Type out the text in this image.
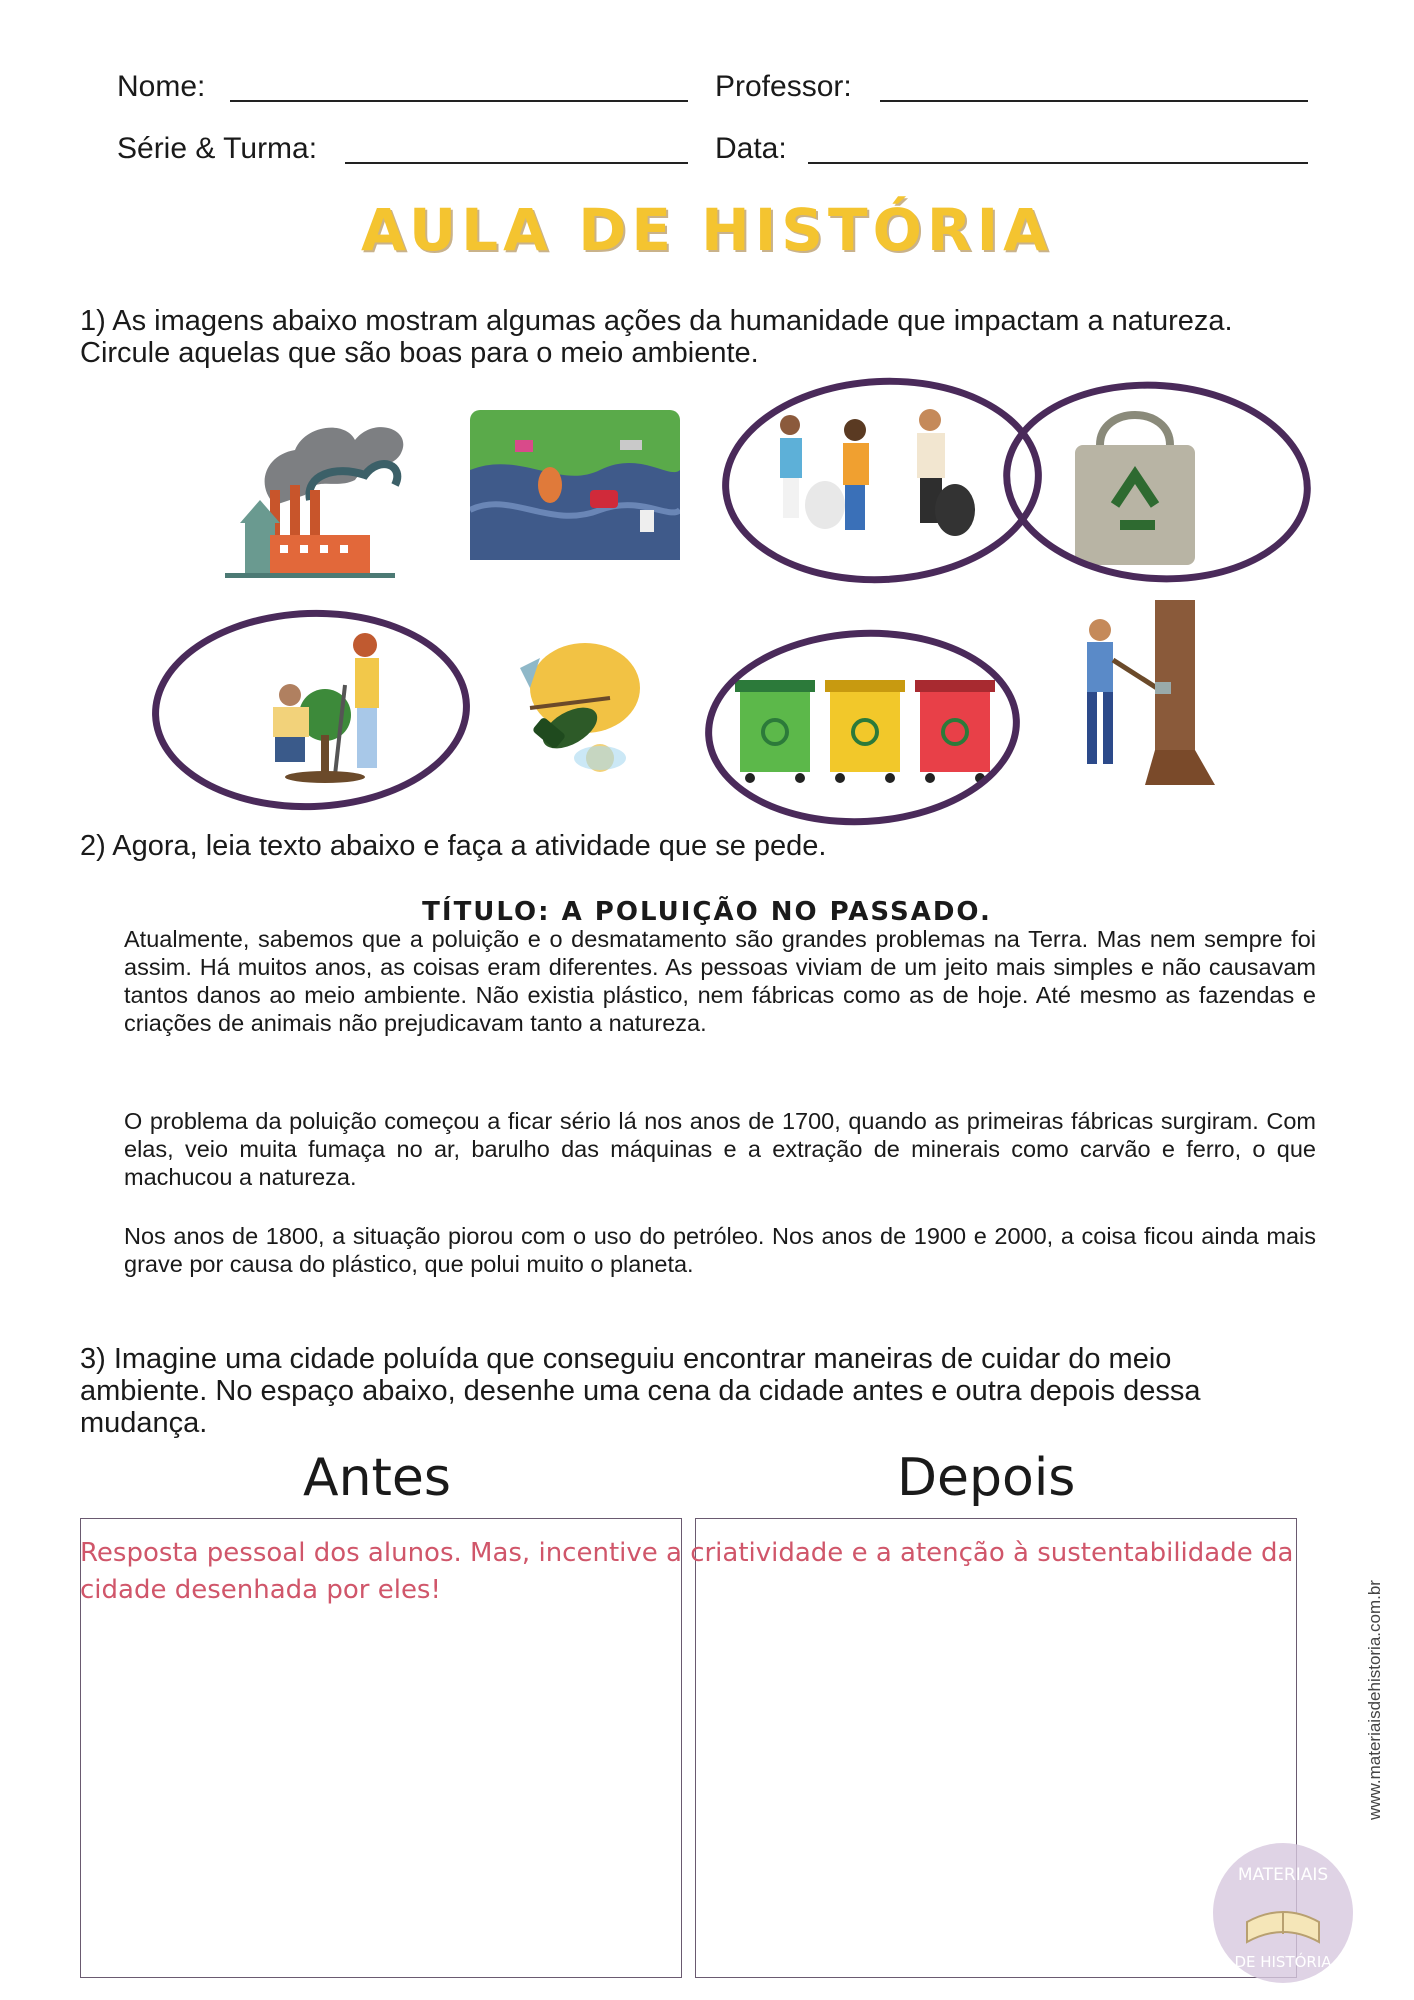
Nome:	Professor:
Série & Turma:	Data:
AULA DE HISTÓRIA
1) As imagens abaixo mostram algumas ações da humanidade que impactam a natureza.
Circule aquelas que são boas para o meio ambiente.
2) Agora, leia texto abaixo e faça a atividade que se pede.
TÍTULO: A POLUIÇÃO NO PASSADO.

Atualmente, sabemos que a poluição e o desmatamento são grandes problemas na Terra. Mas nem sempre foi assim. Há muitos anos, as coisas eram diferentes. As pessoas viviam de um jeito mais simples e não causavam tantos danos ao meio ambiente. Não existia plástico, nem fábricas como as de hoje. Até mesmo as fazendas e criações de animais não prejudicavam tanto a natureza.

O problema da poluição começou a ficar sério lá nos anos de 1700, quando as primeiras fábricas surgiram. Com elas, veio muita fumaça no ar, barulho das máquinas e a extração de minerais como carvão e ferro, o que machucou a natureza.

Nos anos de 1800, a situação piorou com o uso do petróleo. Nos anos de 1900 e 2000, a coisa ficou ainda mais grave por causa do plástico, que polui muito o planeta.

3) Imagine uma cidade poluída que conseguiu encontrar maneiras de cuidar do meio
ambiente. No espaço abaixo, desenhe uma cena da cidade antes e outra depois dessa
mudança.
Antes	Depois
Resposta pessoal dos alunos. Mas, incentive a criatividade e a atenção à sustentabilidade da cidade desenhada por eles!
MATERIAIS
DE HISTÓRIA
www.materiaisdehistoria.com.br
